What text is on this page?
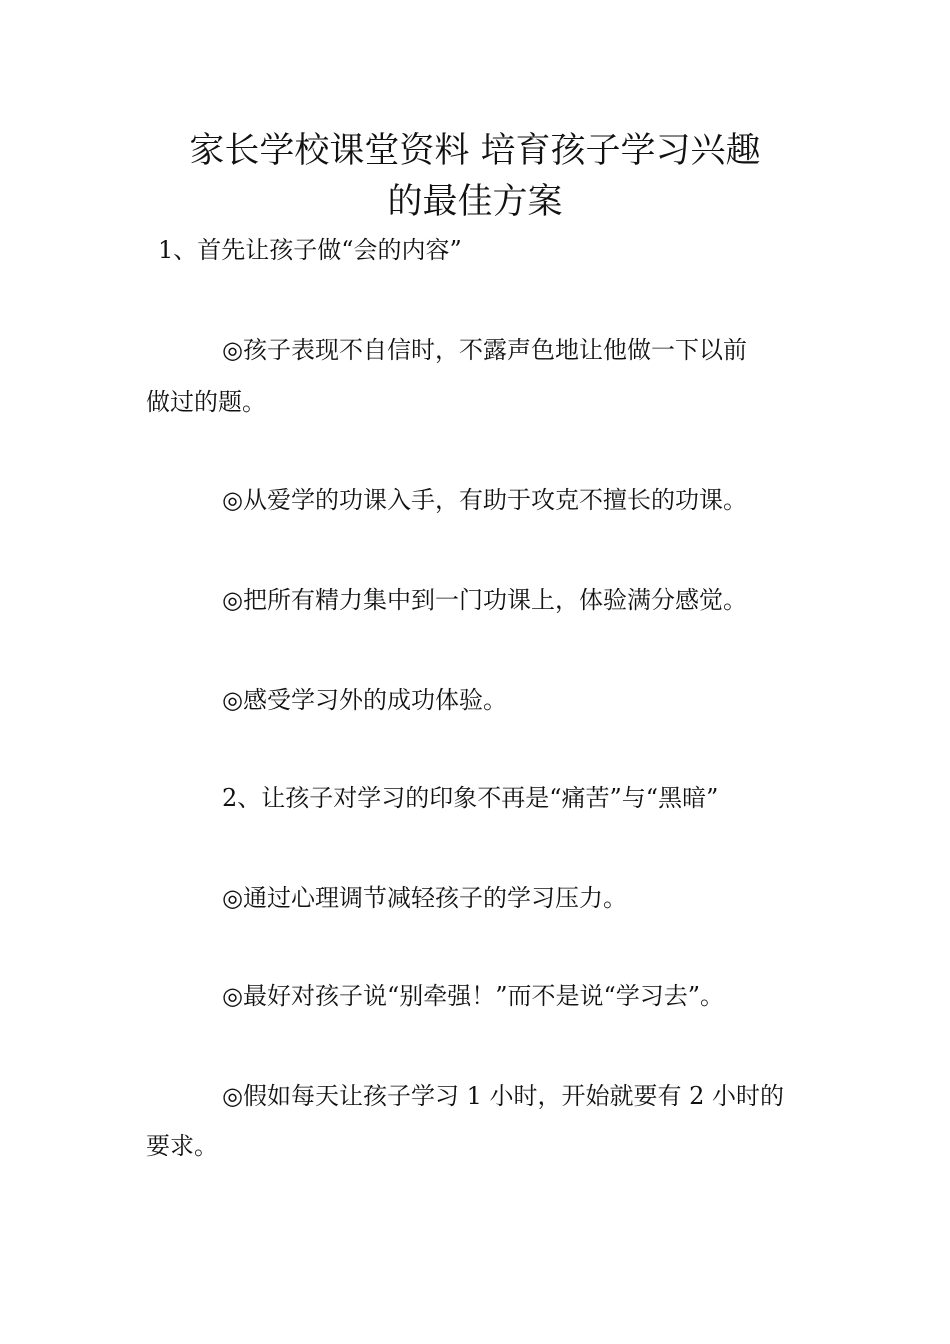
家长学校课堂资料 培育孩子学习兴趣
的最佳方案
1、首先让孩子做“会的内容”
◎孩子表现不自信时，不露声色地让他做一下以前
做过的题。
◎从爱学的功课入手，有助于攻克不擅长的功课。
◎把所有精力集中到一门功课上，体验满分感觉。
◎感受学习外的成功体验。
2、让孩子对学习的印象不再是“痛苦”与“黑暗”
◎通过心理调节减轻孩子的学习压力。
◎最好对孩子说“别牵强！”而不是说“学习去”。
◎假如每天让孩子学习 1 小时，开始就要有 2 小时的
要求。
